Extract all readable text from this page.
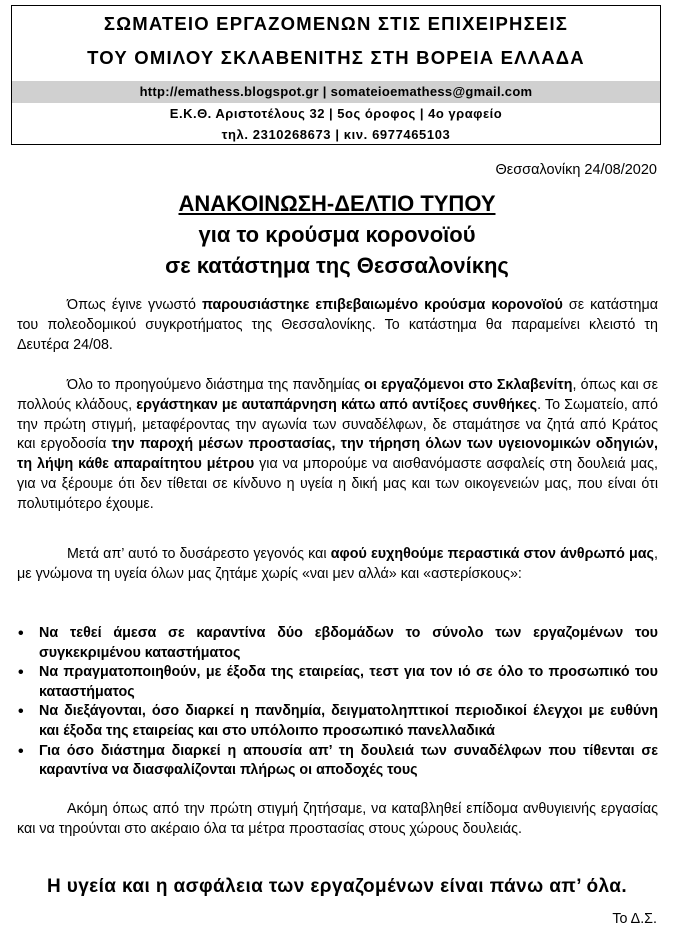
ΣΩΜΑΤΕΙΟ ΕΡΓΑΖΟΜΕΝΩΝ ΣΤΙΣ ΕΠΙΧΕΙΡΗΣΕΙΣ
ΤΟΥ ΟΜΙΛΟΥ ΣΚΛΑΒΕΝΙΤΗΣ ΣΤΗ ΒΟΡΕΙΑ ΕΛΛΑΔΑ
http://emathess.blogspot.gr | somateioemathess@gmail.com
Ε.Κ.Θ. Αριστοτέλους 32 | 5ος όροφος | 4ο γραφείο
τηλ. 2310268673 | κιν. 6977465103
Θεσσαλονίκη 24/08/2020
ΑΝΑΚΟΙΝΩΣΗ-ΔΕΛΤΙΟ ΤΥΠΟΥ
για το κρούσμα κορονοϊού
σε κατάστημα της Θεσσαλονίκης

Όπως έγινε γνωστό παρουσιάστηκε επιβεβαιωμένο κρούσμα κορονοϊού σε κατάστημα του πολεοδομικού συγκροτήματος της Θεσσαλονίκης. Το κατάστημα θα παραμείνει κλειστό τη Δευτέρα 24/08.

Όλο το προηγούμενο διάστημα της πανδημίας οι εργαζόμενοι στο Σκλαβενίτη, όπως και σε πολλούς κλάδους, εργάστηκαν με αυταπάρνηση κάτω από αντίξοες συνθήκες. Το Σωματείο, από την πρώτη στιγμή, μεταφέροντας την αγωνία των συναδέλφων, δε σταμάτησε να ζητά από Κράτος και εργοδοσία την παροχή μέσων προστασίας, την τήρηση όλων των υγειονομικών οδηγιών, τη λήψη κάθε απαραίτητου μέτρου για να μπορούμε να αισθανόμαστε ασφαλείς στη δουλειά μας, για να ξέρουμε ότι δεν τίθεται σε κίνδυνο η υγεία η δική μας και των οικογενειών μας, που είναι ότι πολυτιμότερο έχουμε.

Μετά απ’ αυτό το δυσάρεστο γεγονός και αφού ευχηθούμε περαστικά στον άνθρωπό μας, με γνώμονα τη υγεία όλων μας ζητάμε χωρίς «ναι μεν αλλά» και «αστερίσκους»:

• Να τεθεί άμεσα σε καραντίνα δύο εβδομάδων το σύνολο των εργαζομένων του συγκεκριμένου καταστήματος
• Να πραγματοποιηθούν, με έξοδα της εταιρείας, τεστ για τον ιό σε όλο το προσωπικό του καταστήματος
• Να διεξάγονται, όσο διαρκεί η πανδημία, δειγματοληπτικοί περιοδικοί έλεγχοι με ευθύνη και έξοδα της εταιρείας και στο υπόλοιπο προσωπικό πανελλαδικά
• Για όσο διάστημα διαρκεί η απουσία απ’ τη δουλειά των συναδέλφων που τίθενται σε καραντίνα να διασφαλίζονται πλήρως οι αποδοχές τους

Ακόμη όπως από την πρώτη στιγμή ζητήσαμε, να καταβληθεί επίδομα ανθυγιεινής εργασίας και να τηρούνται στο ακέραιο όλα τα μέτρα προστασίας στους χώρους δουλειάς.

Η υγεία και η ασφάλεια των εργαζομένων είναι πάνω απ’ όλα.
Το Δ.Σ.
